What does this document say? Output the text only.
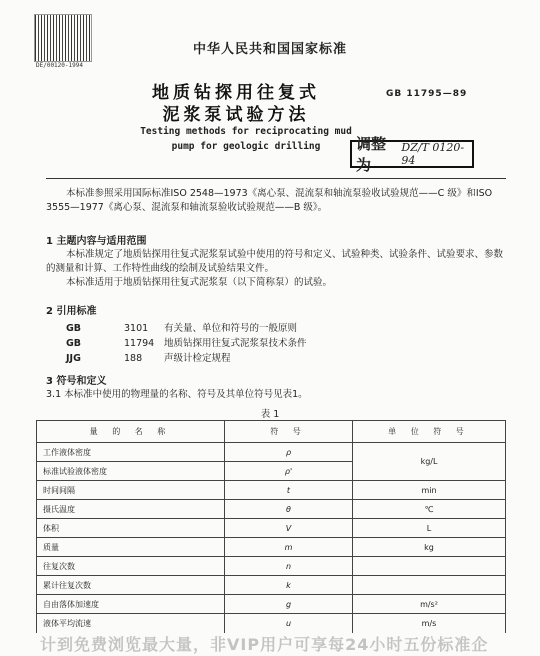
DE/00120-1994
中华人民共和国国家标准
地质钻探用往复式
泥浆泵试验方法
GB 11795—89
Testing methods for reciprocating mud
pump for geologic drilling	调整为
DZ/T 0120-94
本标准参照采用国际标准ISO 2548—1973《离心泵、混流泵和轴流泵验收试验规范——C 级》和ISO 3555—1977《离心泵、混流泵和轴流泵验收试验规范——B 级》。
1 主题内容与适用范围
本标准规定了地质钻探用往复式泥浆泵试验中使用的符号和定义、试验种类、试验条件、试验要求、参数的测量和计算、工作特性曲线的绘制及试验结果文件。
本标准适用于地质钻探用往复式泥浆泵（以下简称泵）的试验。
2 引用标准
GB	3101 有关量、单位和符号的一般原则
GB	11794 地质钻探用往复式泥浆泵技术条件
JJG	188 声级计检定规程
3 符号和定义
3.1 本标准中使用的物理量的名称、符号及其单位符号见表1。
表 1
量 的 名 称	符 号	单 位 符 号
工作液体密度	ρ	kg/L
标准试验液体密度	ρ'	
时间间隔	t	min
摄氏温度	θ	℃
体积	V	L
质量	m	kg
往复次数	n	
累计往复次数	k	
自由落体加速度	g	m/s²
液体平均流速	u	m/s
计到免费浏览最大量，非VIP用户可享每24小时五份标准企
